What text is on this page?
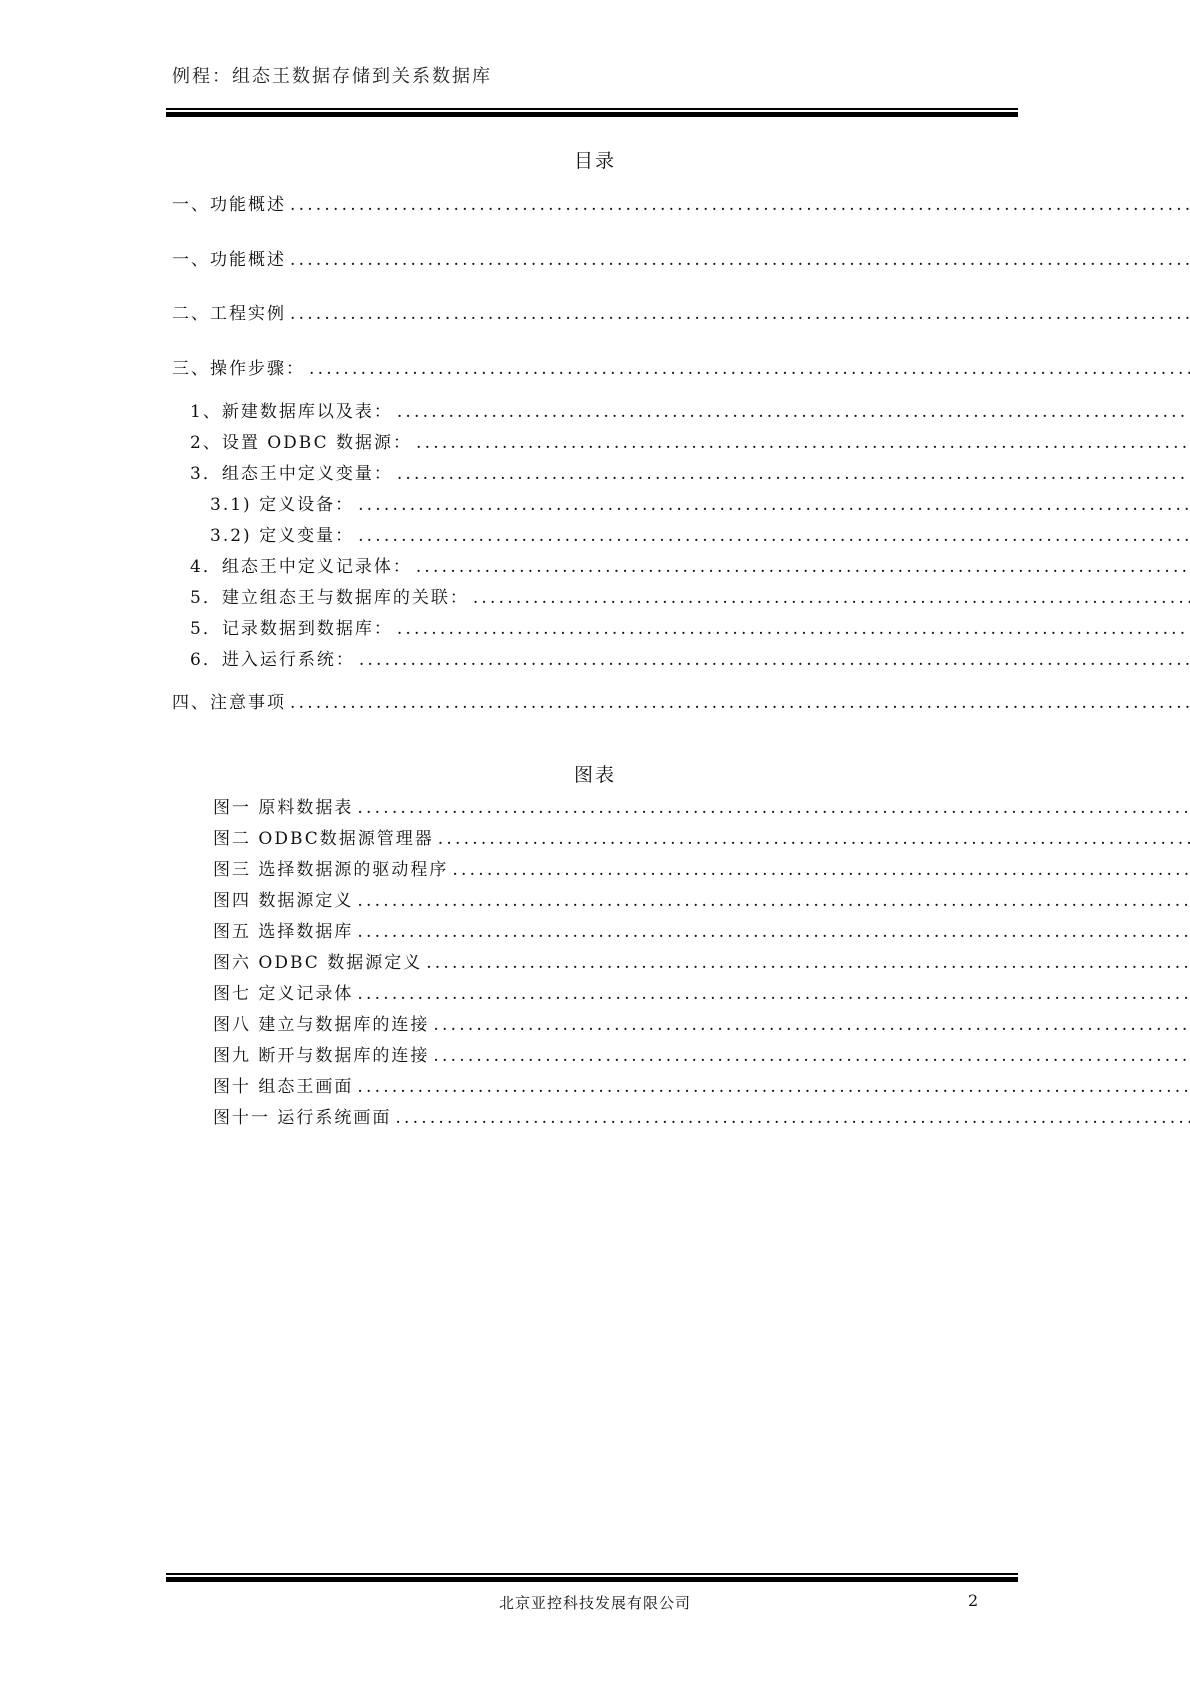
例程：组态王数据存储到关系数据库
目录
一、功能概述
.....
一、功能概述
.....
二、工程实例
.....
三、操作步骤：
.....
1、新建数据库以及表：
.....
2、设置 ODBC 数据源：
.....
3．组态王中定义变量：
.....
3.1) 定义设备：
.....
3.2) 定义变量：
.....
4．组态王中定义记录体：
.....
5．建立组态王与数据库的关联：
.....
5．记录数据到数据库：
.....
6．进入运行系统：
.....
四、注意事项
.....
图表
图一 原料数据表
.....
图二 ODBC数据源管理器
.....
图三 选择数据源的驱动程序
.....
图四 数据源定义
.....
图五 选择数据库
.....
图六 ODBC 数据源定义
.....
图七 定义记录体
.....
图八 建立与数据库的连接
.....
图九 断开与数据库的连接
.....
图十 组态王画面
.....
图十一 运行系统画面
.....
北京亚控科技发展有限公司	2
